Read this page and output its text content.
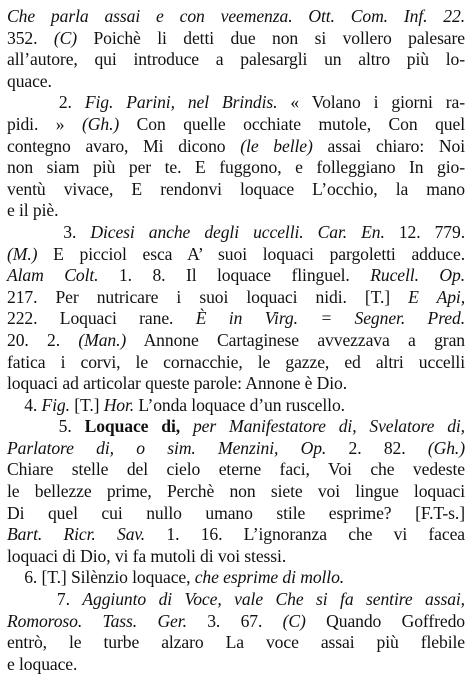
Che parla assai e con veemenza. Ott. Com. Inf. 22.
352. (C) Poichè li detti due non si vollero palesare
all’autore, qui introduce a palesargli un altro più lo-
quace.
2. Fig. Parini, nel Brindis. « Volano i giorni ra-
pidi. » (Gh.) Con quelle occhiate mutole, Con quel
contegno avaro, Mi dicono (le belle) assai chiaro: Noi
non siam più per te. E fuggono, e folleggiano In gio-
ventù vivace, E rendonvi loquace L’occhio, la mano
e il piè.
3. Dicesi anche degli uccelli. Car. En. 12. 779.
(M.) E picciol esca A’ suoi loquaci pargoletti adduce.
Alam Colt. 1. 8. Il loquace flinguel. Rucell. Op.
217. Per nutricare i suoi loquaci nidi. [T.] E Api,
222. Loquaci rane. È in Virg. = Segner. Pred.
20. 2. (Man.) Annone Cartaginese avvezzava a gran
fatica i corvi, le cornacchie, le gazze, ed altri uccelli
loquaci ad articolar queste parole: Annone è Dio.
4. Fig. [T.] Hor. L’onda loquace d’un ruscello.
5. Loquace di, per Manifestatore di, Svelatore di,
Parlatore di, o sim. Menzini, Op. 2. 82. (Gh.)
Chiare stelle del cielo eterne faci, Voi che vedeste
le bellezze prime, Perchè non siete voi lingue loquaci
Di quel cui nullo umano stile esprime? [F.T-s.]
Bart. Ricr. Sav. 1. 16. L’ignoranza che vi facea
loquaci di Dio, vi fa mutoli di voi stessi.
6. [T.] Silènzio loquace, che esprime di mollo.
7. Aggiunto di Voce, vale Che si fa sentire assai,
Romoroso. Tass. Ger. 3. 67. (C) Quando Goffredo
entrò, le turbe alzaro La voce assai più flebile
e loquace.
